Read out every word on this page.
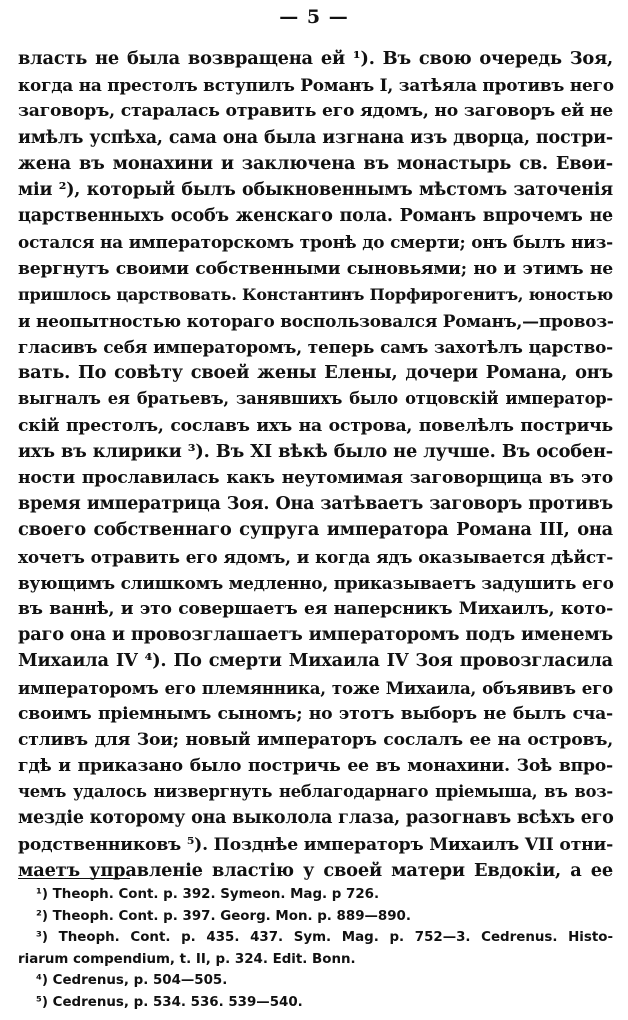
— 5 —
власть не была возвращена ей ¹). Въ свою очередь Зоя,
когда на престолъ вступилъ Романъ I, затѣяла противъ него
заговоръ, старалась отравить его ядомъ, но заговоръ ей не
имѣлъ успѣха, сама она была изгнана изъ дворца, постри-
жена въ монахини и заключена въ монастырь св. Евѳи-
міи ²), который былъ обыкновеннымъ мѣстомъ заточенія
царственныхъ особъ женскаго пола. Романъ впрочемъ не
остался на императорскомъ тронѣ до смерти; онъ былъ низ-
вергнутъ своими собственными сыновьями; но и этимъ не
пришлось царствовать. Константинъ Порфирогенитъ, юностью
и неопытностью котораго воспользовался Романъ,—провоз-
гласивъ себя императоромъ, теперь самъ захотѣлъ царство-
вать. По совѣту своей жены Елены, дочери Романа, онъ
выгналъ ея братьевъ, занявшихъ было отцовскій император-
скій престолъ, сославъ ихъ на острова, повелѣлъ постричь
ихъ въ клирики ³). Въ XI вѣкѣ было не лучше. Въ особен-
ности прославилась какъ неутомимая заговорщица въ это
время императрица Зоя. Она затѣваетъ заговоръ противъ
своего собственнаго супруга императора Романа III, она
хочетъ отравить его ядомъ, и когда ядъ оказывается дѣйст-
вующимъ слишкомъ медленно, приказываетъ задушить его
въ ваннѣ, и это совершаетъ ея наперсникъ Михаилъ, кото-
раго она и провозглашаетъ императоромъ подъ именемъ
Михаила IV ⁴). По смерти Михаила IV Зоя провозгласила
императоромъ его племянника, тоже Михаила, объявивъ его
своимъ пріемнымъ сыномъ; но этотъ выборъ не былъ сча-
стливъ для Зои; новый императоръ сослалъ ее на островъ,
гдѣ и приказано было постричь ее въ монахини. Зоѣ впро-
чемъ удалось низвергнуть неблагодарнаго пріемыша, въ воз-
мездіе которому она выколола глаза, разогнавъ всѣхъ его
родственниковъ ⁵). Позднѣе императоръ Михаилъ VII отни-
маетъ управленіе властію у своей матери Евдокіи, а ее
¹) Theoph. Cont. p. 392. Symeon. Mag. p 726.
²) Theoph. Cont. p. 397. Georg. Mon. p. 889—890.
³) Theoph. Cont. p. 435. 437. Sym. Mag. p. 752—3. Cedrenus. Histo-
riarum compendium, t. II, p. 324. Edit. Bonn.
⁴) Cedrenus, p. 504—505.
⁵) Cedrenus, p. 534. 536. 539—540.
